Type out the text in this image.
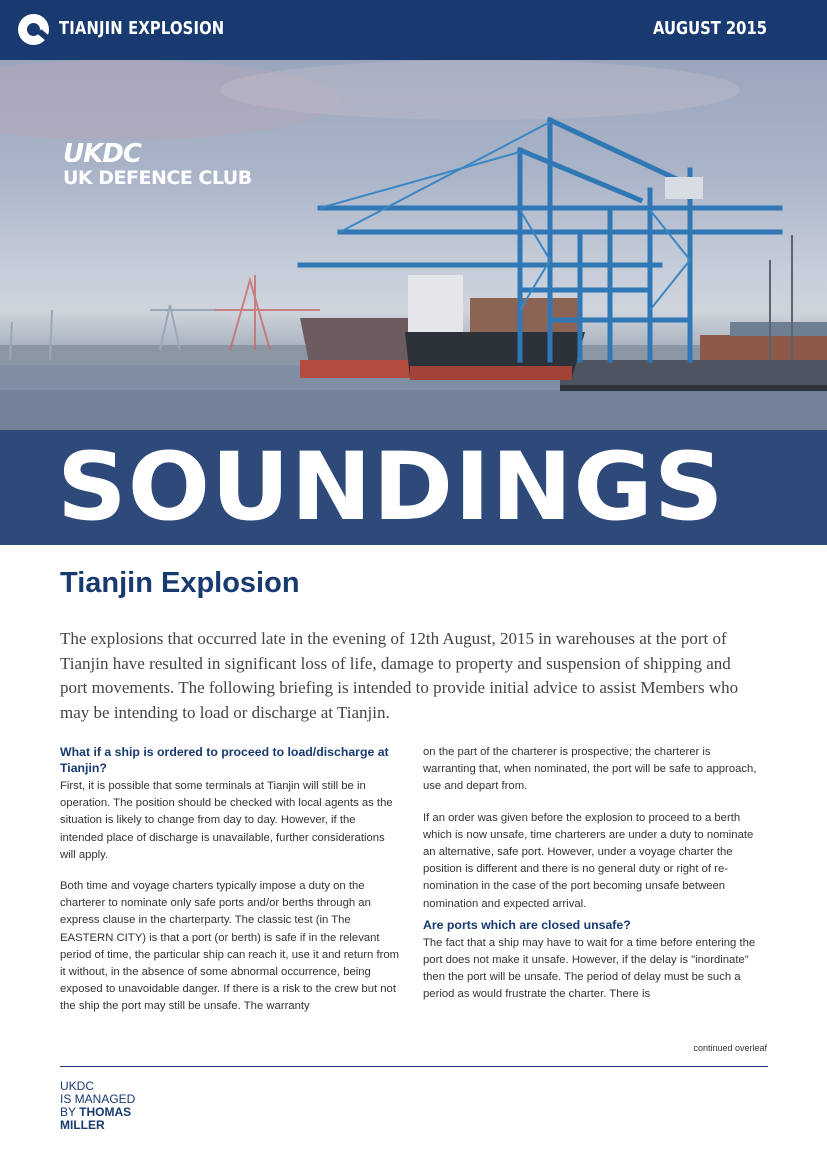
TIANJIN EXPLOSION	AUGUST 2015
UKDC
UK DEFENCE CLUB
SOUNDINGS
Tianjin Explosion

The explosions that occurred late in the evening of 12th August, 2015 in warehouses at the port of Tianjin have resulted in significant loss of life, damage to property and suspension of shipping and port movements. The following briefing is intended to provide initial advice to assist Members who may be intending to load or discharge at Tianjin.

What if a ship is ordered to proceed to load/discharge at Tianjin?

First, it is possible that some terminals at Tianjin will still be in operation. The position should be checked with local agents as the situation is likely to change from day to day. However, if the intended place of discharge is unavailable, further considerations will apply.

Both time and voyage charters typically impose a duty on the charterer to nominate only safe ports and/or berths through an express clause in the charterparty. The classic test (in The EASTERN CITY) is that a port (or berth) is safe if in the relevant period of time, the particular ship can reach it, use it and return from it without, in the absence of some abnormal occurrence, being exposed to unavoidable danger. If there is a risk to the crew but not the ship the port may still be unsafe. The warranty

on the part of the charterer is prospective; the charterer is warranting that, when nominated, the port will be safe to approach, use and depart from.

If an order was given before the explosion to proceed to a berth which is now unsafe, time charterers are under a duty to nominate an alternative, safe port. However, under a voyage charter the position is different and there is no general duty or right of re-nomination in the case of the port becoming unsafe between nomination and expected arrival.

Are ports which are closed unsafe?

The fact that a ship may have to wait for a time before entering the port does not make it unsafe. However, if the delay is "inordinate" then the port will be unsafe. The period of delay must be such a period as would frustrate the charter. There is

continued overleaf
UKDC
IS MANAGED
BY THOMAS
MILLER
